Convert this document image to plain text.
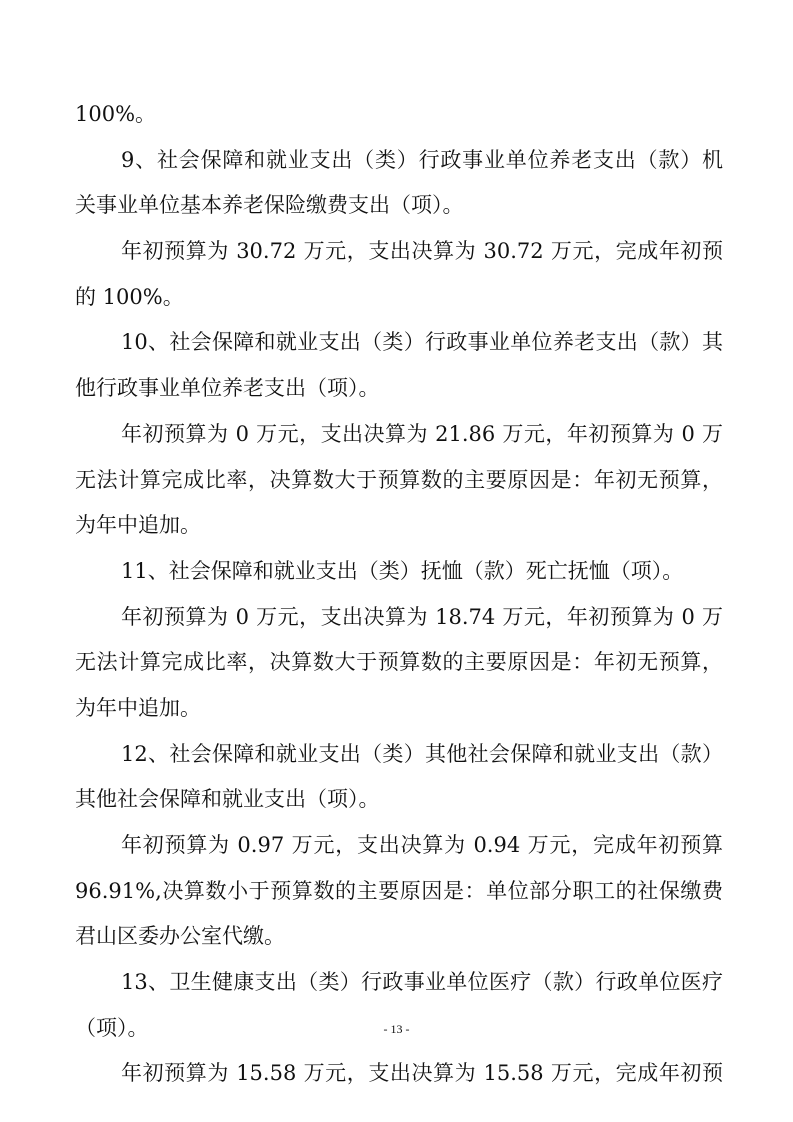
100%。
9、社会保障和就业支出（类）行政事业单位养老支出（款）机
关事业单位基本养老保险缴费支出（项）。
年初预算为 30.72 万元，支出决算为 30.72 万元，完成年初预
的 100%。
10、社会保障和就业支出（类）行政事业单位养老支出（款）其
他行政事业单位养老支出（项）。
年初预算为 0 万元，支出决算为 21.86 万元，年初预算为 0 万
无法计算完成比率，决算数大于预算数的主要原因是：年初无预算，
为年中追加。
11、社会保障和就业支出（类）抚恤（款）死亡抚恤（项）。
年初预算为 0 万元，支出决算为 18.74 万元，年初预算为 0 万
无法计算完成比率，决算数大于预算数的主要原因是：年初无预算，
为年中追加。
12、社会保障和就业支出（类）其他社会保障和就业支出（款）
其他社会保障和就业支出（项）。
年初预算为 0.97 万元，支出决算为 0.94 万元，完成年初预算
96.91%,决算数小于预算数的主要原因是：单位部分职工的社保缴费
君山区委办公室代缴。
13、卫生健康支出（类）行政事业单位医疗（款）行政单位医疗
（项）。
年初预算为 15.58 万元，支出决算为 15.58 万元，完成年初预
- 13 -
